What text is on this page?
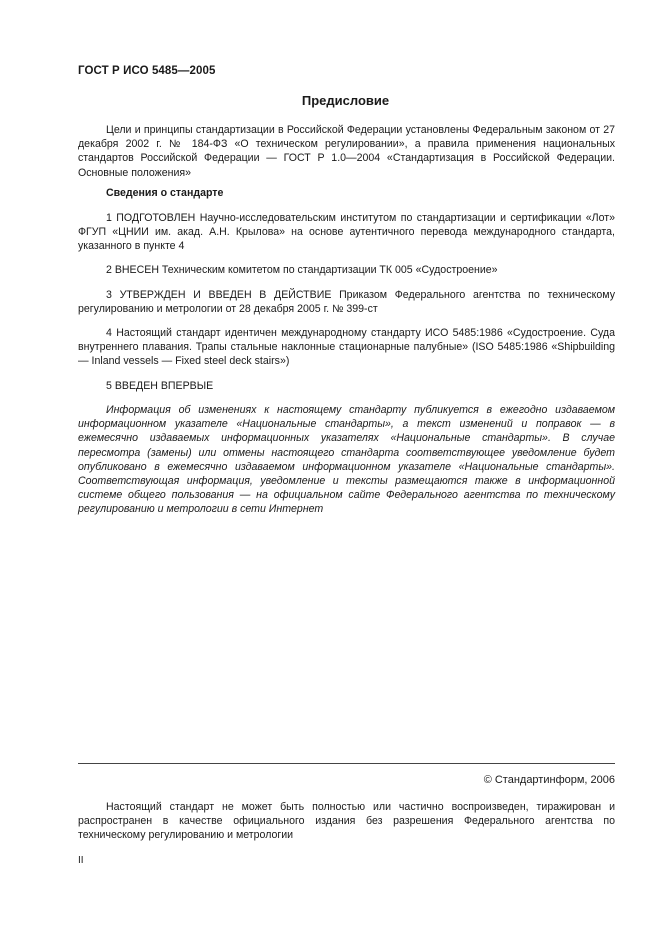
ГОСТ Р ИСО 5485—2005
Предисловие

Цели и принципы стандартизации в Российской Федерации установлены Федеральным законом от 27 декабря 2002 г. № 184-ФЗ «О техническом регулировании», а правила применения национальных стандартов Российской Федерации — ГОСТ Р 1.0—2004 «Стандартизация в Российской Федерации. Основные положения»

Сведения о стандарте

1 ПОДГОТОВЛЕН Научно-исследовательским институтом по стандартизации и сертификации «Лот» ФГУП «ЦНИИ им. акад. А.Н. Крылова» на основе аутентичного перевода международного стандарта, указанного в пункте 4

2 ВНЕСЕН Техническим комитетом по стандартизации ТК 005 «Судостроение»

3 УТВЕРЖДЕН И ВВЕДЕН В ДЕЙСТВИЕ Приказом Федерального агентства по техническому регулированию и метрологии от 28 декабря 2005 г. № 399-ст

4 Настоящий стандарт идентичен международному стандарту ИСО 5485:1986 «Судостроение. Суда внутреннего плавания. Трапы стальные наклонные стационарные палубные» (ISO 5485:1986 «Shipbuilding — Inland vessels — Fixed steel deck stairs»)

5 ВВЕДЕН ВПЕРВЫЕ

Информация об изменениях к настоящему стандарту публикуется в ежегодно издаваемом информационном указателе «Национальные стандарты», а текст изменений и поправок — в ежемесячно издаваемых информационных указателях «Национальные стандарты». В случае пересмотра (замены) или отмены настоящего стандарта соответствующее уведомление будет опубликовано в ежемесячно издаваемом информационном указателе «Национальные стандарты». Соответствующая информация, уведомление и тексты размещаются также в информационной системе общего пользования — на официальном сайте Федерального агентства по техническому регулированию и метрологии в сети Интернет

© Стандартинформ, 2006

Настоящий стандарт не может быть полностью или частично воспроизведен, тиражирован и распространен в качестве официального издания без разрешения Федерального агентства по техническому регулированию и метрологии

II
